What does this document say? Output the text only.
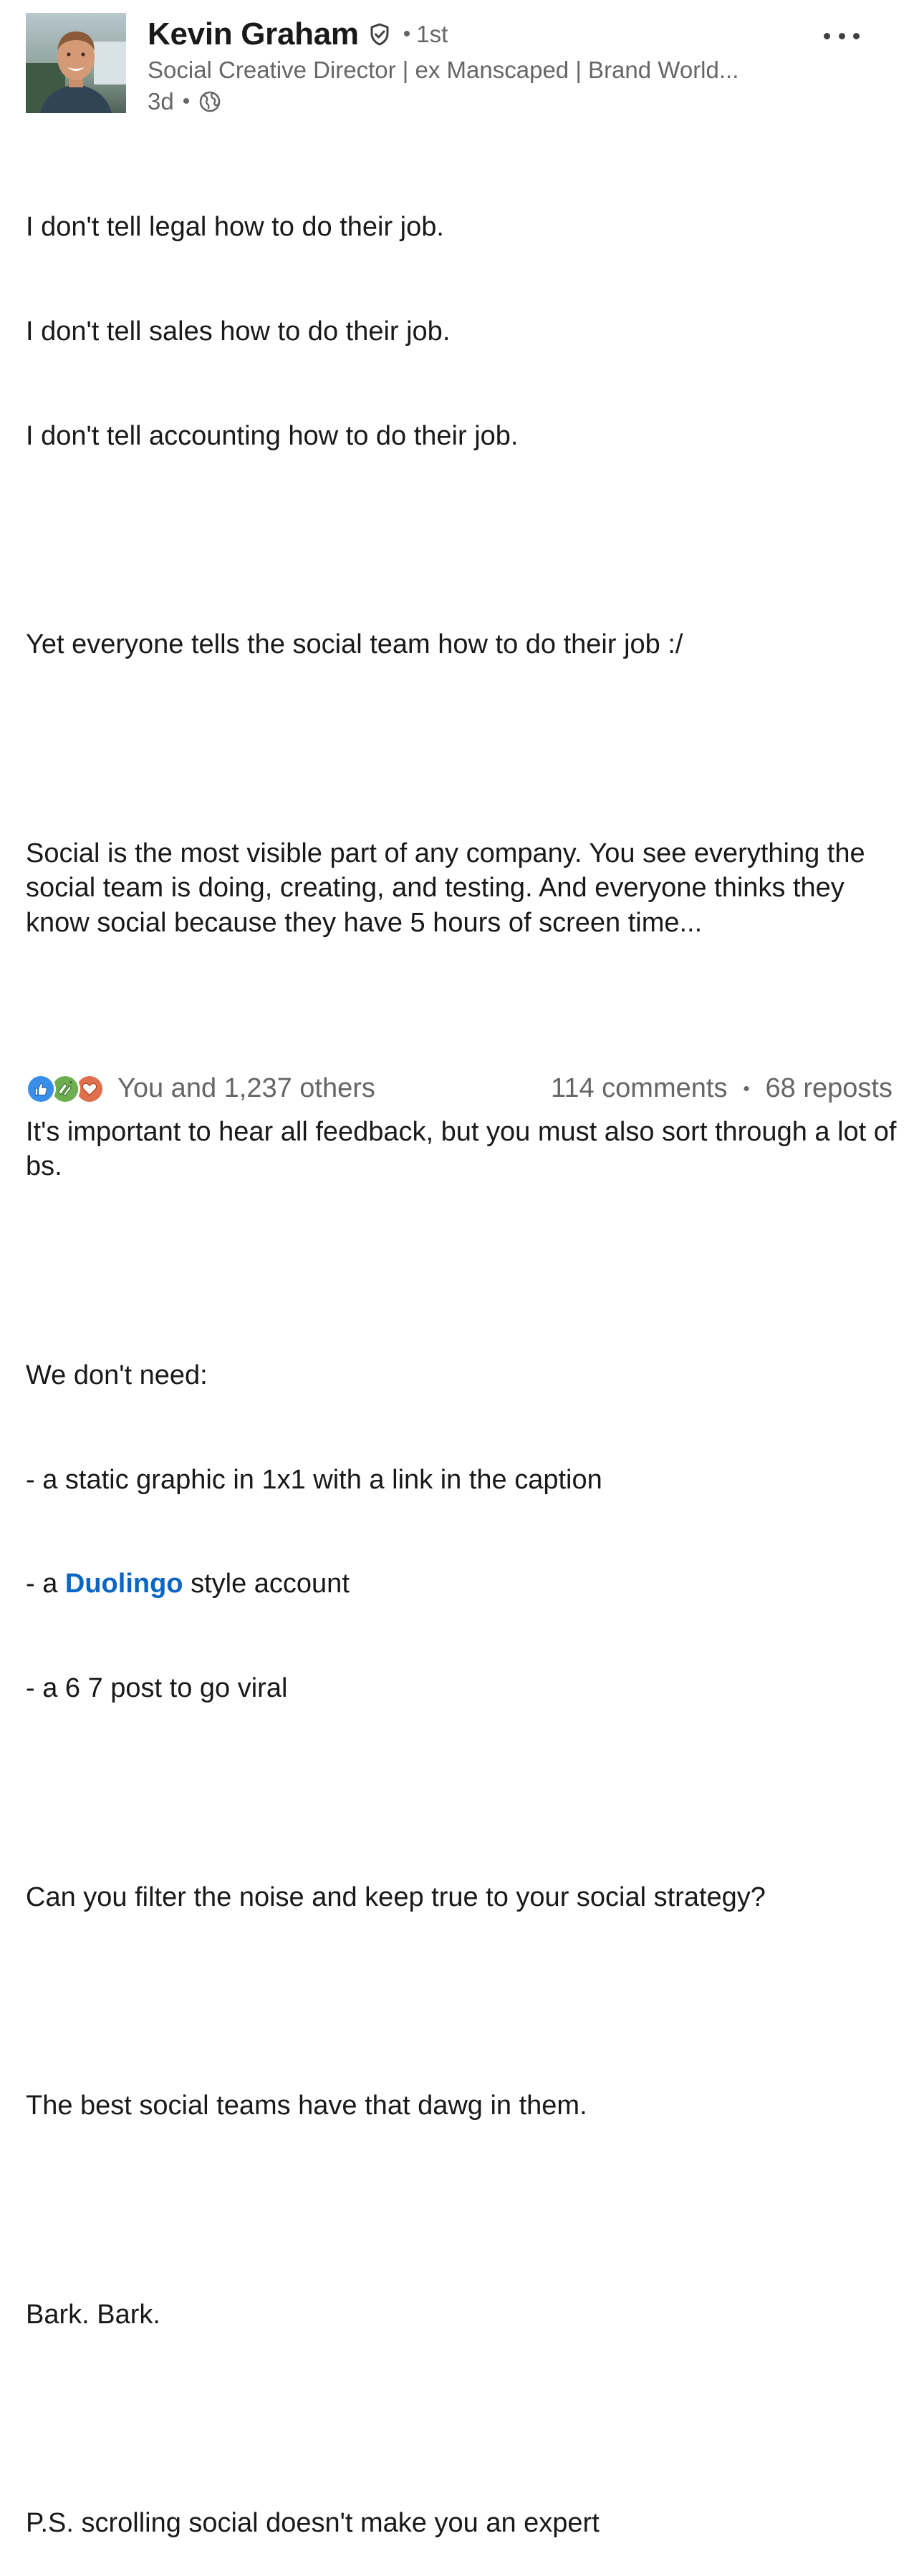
Kevin Graham • 1st
Social Creative Director | ex Manscaped | Brand World...
3d •

I don't tell legal how to do their job.

I don't tell sales how to do their job.

I don't tell accounting how to do their job.

Yet everyone tells the social team how to do their job :/

Social is the most visible part of any company. You see everything the social team is doing, creating, and testing. And everyone thinks they know social because they have 5 hours of screen time...

It's important to hear all feedback, but you must also sort through a lot of bs.

We don't need:

- a static graphic in 1x1 with a link in the caption

- a Duolingo style account

- a 6 7 post to go viral

Can you filter the noise and keep true to your social strategy?

The best social teams have that dawg in them.

Bark. Bark.

P.S. scrolling social doesn't make you an expert

You and 1,237 others	114 comments • 68 reposts
